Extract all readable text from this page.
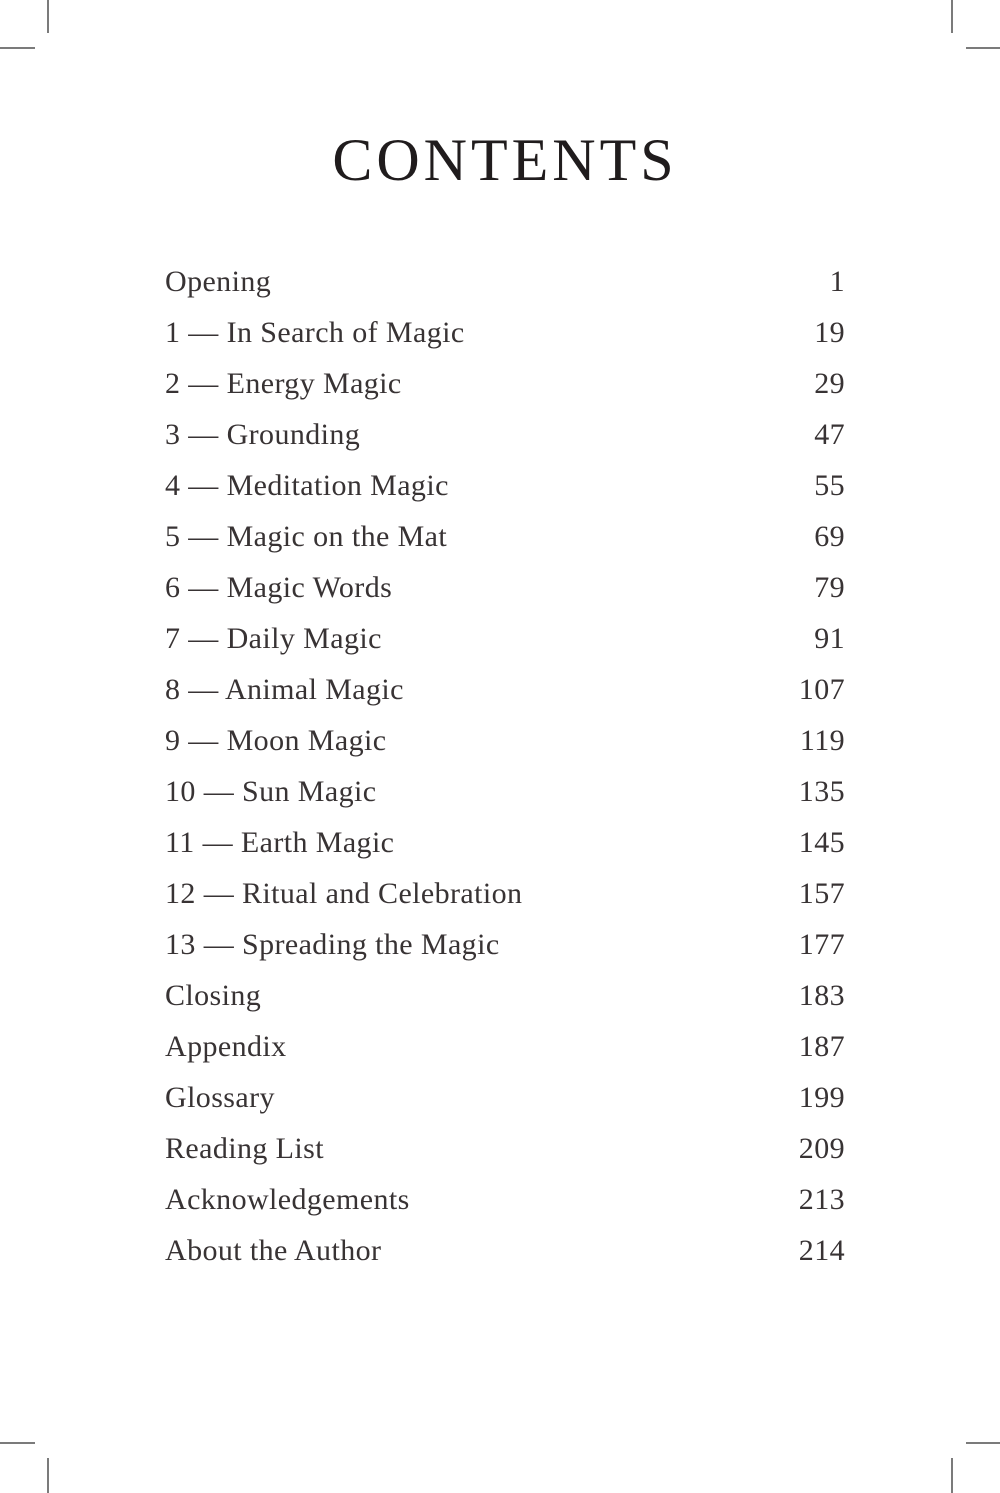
CONTENTS
Opening	1
1 — In Search of Magic	19
2 — Energy Magic	29
3 — Grounding	47
4 — Meditation Magic	55
5 — Magic on the Mat	69
6 — Magic Words	79
7 — Daily Magic	91
8 — Animal Magic	107
9 — Moon Magic	119
10 — Sun Magic	135
11 — Earth Magic	145
12 — Ritual and Celebration	157
13 — Spreading the Magic	177
Closing	183
Appendix	187
Glossary	199
Reading List	209
Acknowledgements	213
About the Author	214
